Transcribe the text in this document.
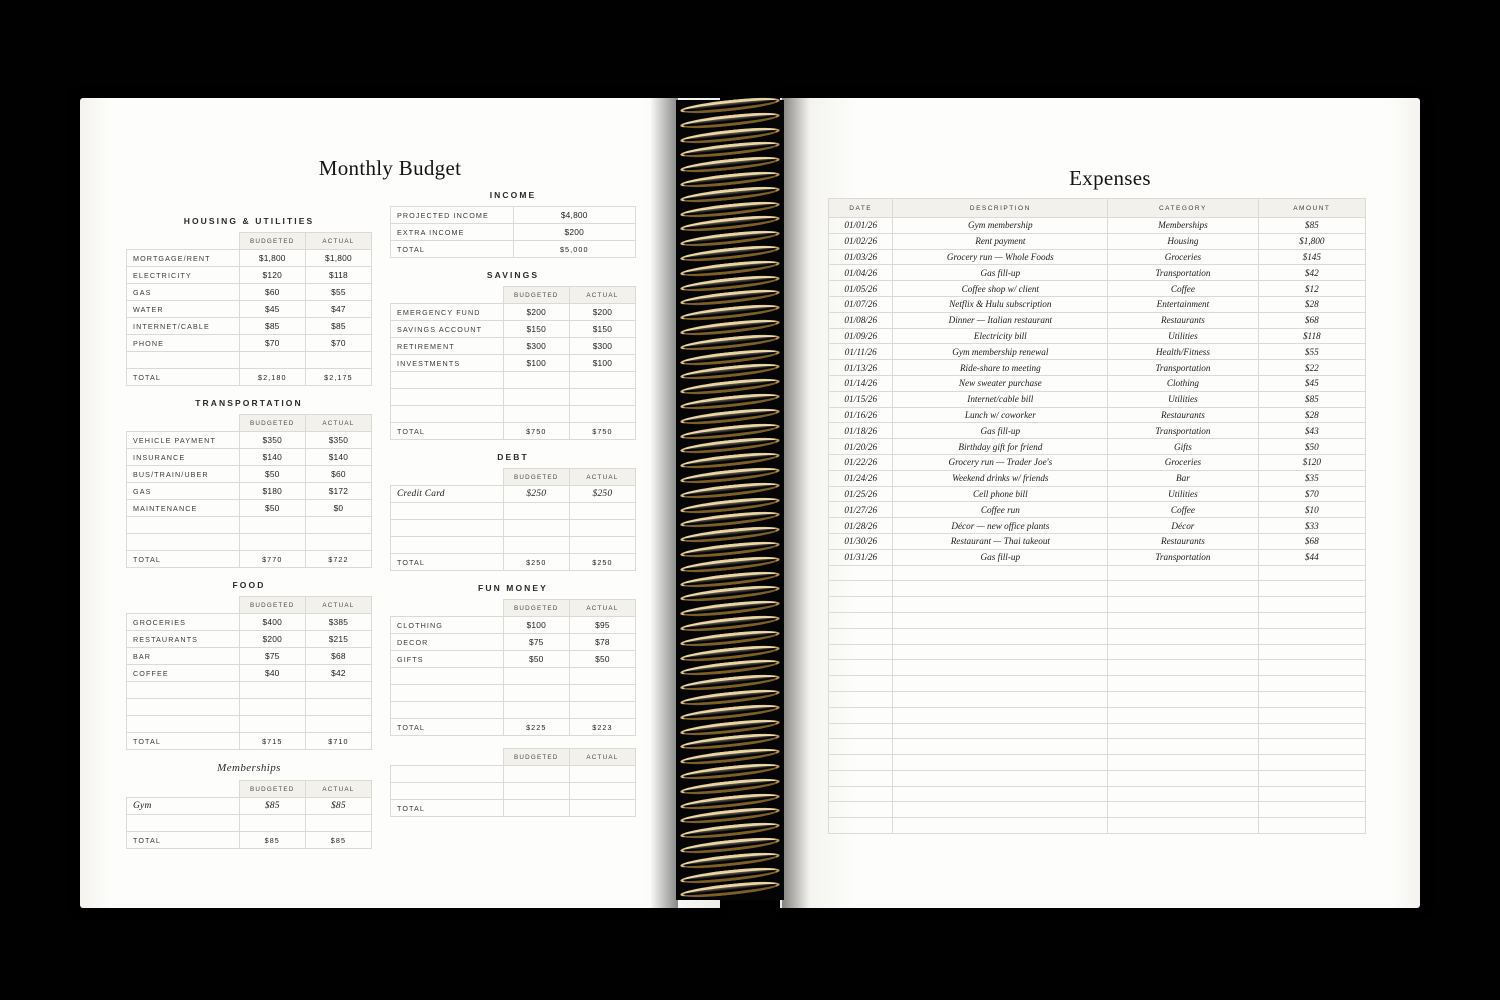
Monthly Budget
HOUSING & UTILITIES
	BUDGETED	ACTUAL
MORTGAGE/RENT	$1,800	$1,800
ELECTRICITY	$120	$118
GAS	$60	$55
WATER	$45	$47
INTERNET/CABLE	$85	$85
PHONE	$70	$70

TOTAL	$2,180	$2,175
TRANSPORTATION
	BUDGETED	ACTUAL
VEHICLE PAYMENT	$350	$350
INSURANCE	$140	$140
BUS/TRAIN/UBER	$50	$60
GAS	$180	$172
MAINTENANCE	$50	$0

TOTAL	$770	$722
FOOD
	BUDGETED	ACTUAL
GROCERIES	$400	$385
RESTAURANTS	$200	$215
BAR	$75	$68
COFFEE	$40	$42

TOTAL	$715	$710
Memberships
	BUDGETED	ACTUAL
Gym	$85	$85

TOTAL	$85	$85
INCOME
PROJECTED INCOME	$4,800
EXTRA INCOME	$200
TOTAL	$5,000
SAVINGS
	BUDGETED	ACTUAL
EMERGENCY FUND	$200	$200
SAVINGS ACCOUNT	$150	$150
RETIREMENT	$300	$300
INVESTMENTS	$100	$100

TOTAL	$750	$750
DEBT
	BUDGETED	ACTUAL
Credit Card	$250	$250

TOTAL	$250	$250
FUN MONEY
	BUDGETED	ACTUAL
CLOTHING	$100	$95
DECOR	$75	$78
GIFTS	$50	$50

TOTAL	$225	$223
	BUDGETED	ACTUAL

TOTAL		
Expenses
DATE	DESCRIPTION	CATEGORY	AMOUNT
01/01/26	Gym membership	Memberships	$85
01/02/26	Rent payment	Housing	$1,800
01/03/26	Grocery run — Whole Foods	Groceries	$145
01/04/26	Gas fill-up	Transportation	$42
01/05/26	Coffee shop w/ client	Coffee	$12
01/07/26	Netflix & Hulu subscription	Entertainment	$28
01/08/26	Dinner — Italian restaurant	Restaurants	$68
01/09/26	Electricity bill	Utilities	$118
01/11/26	Gym membership renewal	Health/Fitness	$55
01/13/26	Ride-share to meeting	Transportation	$22
01/14/26	New sweater purchase	Clothing	$45
01/15/26	Internet/cable bill	Utilities	$85
01/16/26	Lunch w/ coworker	Restaurants	$28
01/18/26	Gas fill-up	Transportation	$43
01/20/26	Birthday gift for friend	Gifts	$50
01/22/26	Grocery run — Trader Joe's	Groceries	$120
01/24/26	Weekend drinks w/ friends	Bar	$35
01/25/26	Cell phone bill	Utilities	$70
01/27/26	Coffee run	Coffee	$10
01/28/26	Décor — new office plants	Décor	$33
01/30/26	Restaurant — Thai takeout	Restaurants	$68
01/31/26	Gas fill-up	Transportation	$44
